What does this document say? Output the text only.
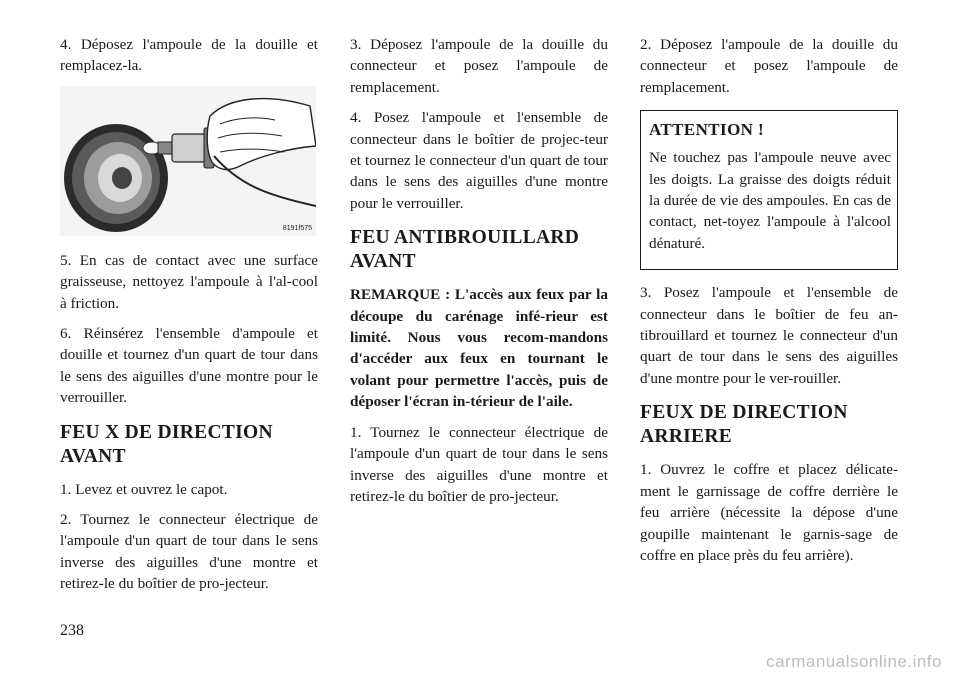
4. Déposez l'ampoule de la douille et remplacez-la.

8191f575

5. En cas de contact avec une surface graisseuse, nettoyez l'ampoule à l'al-cool à friction.

6. Réinsérez l'ensemble d'ampoule et douille et tournez d'un quart de tour dans le sens des aiguilles d'une montre pour le verrouiller.

FEU X DE DIRECTION AVANT

1. Levez et ouvrez le capot.

2. Tournez le connecteur électrique de l'ampoule d'un quart de tour dans le sens inverse des aiguilles d'une montre et retirez-le du boîtier de pro-jecteur.

3. Déposez l'ampoule de la douille du connecteur et posez l'ampoule de remplacement.

4. Posez l'ampoule et l'ensemble de connecteur dans le boîtier de projec-teur et tournez le connecteur d'un quart de tour dans le sens des aiguilles d'une montre pour le verrouiller.

FEU ANTIBROUILLARD AVANT

REMARQUE : L'accès aux feux par la découpe du carénage infé-rieur est limité. Nous vous recom-mandons d'accéder aux feux en tournant le volant pour permettre l'accès, puis de déposer l'écran in-térieur de l'aile.

1. Tournez le connecteur électrique de l'ampoule d'un quart de tour dans le sens inverse des aiguilles d'une montre et retirez-le du boîtier de pro-jecteur.

2. Déposez l'ampoule de la douille du connecteur et posez l'ampoule de remplacement.

ATTENTION !

Ne touchez pas l'ampoule neuve avec les doigts. La graisse des doigts réduit la durée de vie des ampoules. En cas de contact, net-toyez l'ampoule à l'alcool dénaturé.

3. Posez l'ampoule et l'ensemble de connecteur dans le boîtier de feu an-tibrouillard et tournez le connecteur d'un quart de tour dans le sens des aiguilles d'une montre pour le ver-rouiller.

FEUX DE DIRECTION ARRIERE

1. Ouvrez le coffre et placez délicate-ment le garnissage de coffre derrière le feu arrière (nécessite la dépose d'une goupille maintenant le garnis-sage de coffre en place près du feu arrière).

238
carmanualsonline.info
